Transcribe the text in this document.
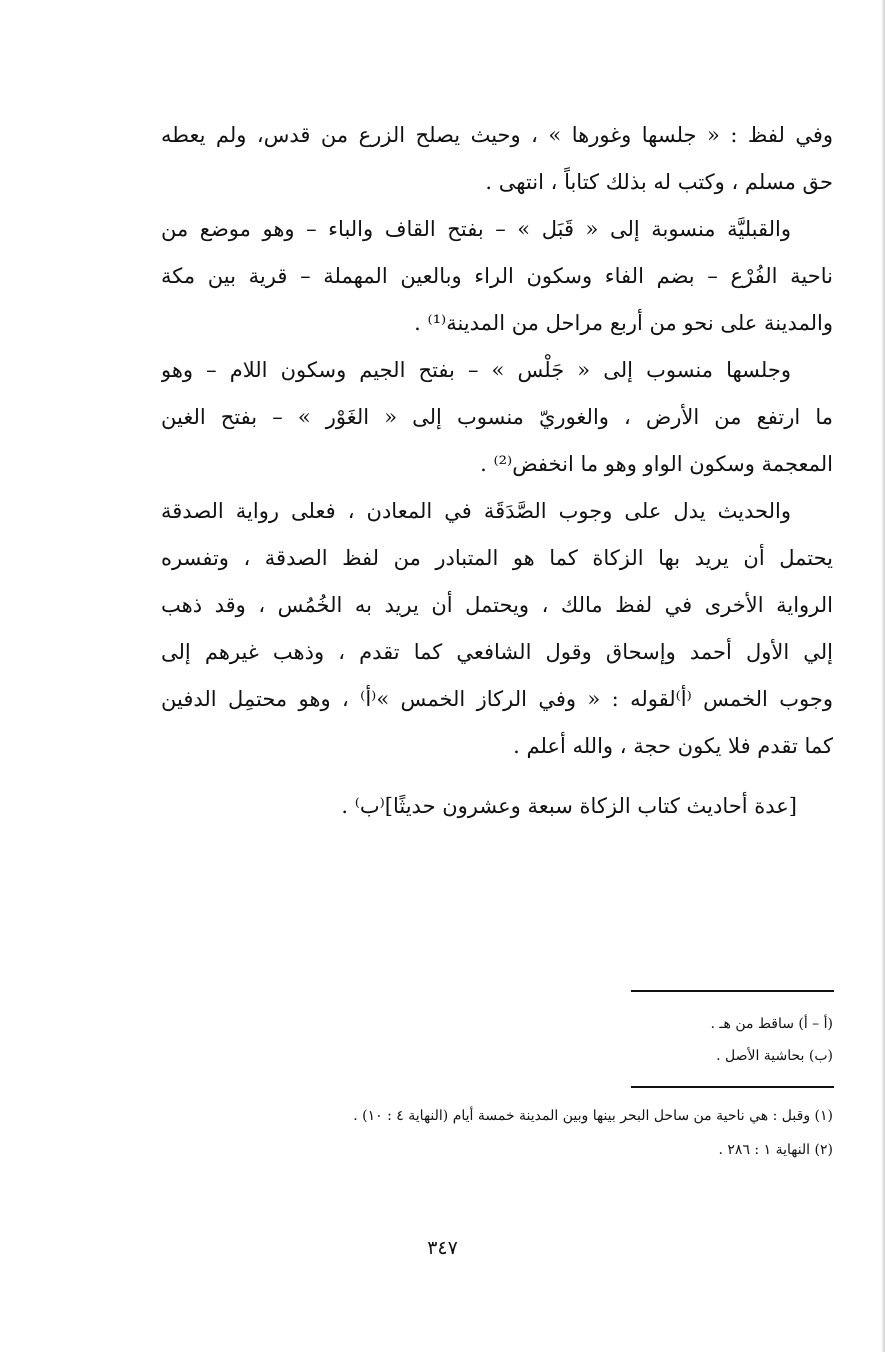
وفي لفظ : « جلسها وغورها » ، وحيث يصلح الزرع من قدس، ولم يعطه
حق مسلم ، وكتب له بذلك كتاباً ، انتهى .
والقبليَّة منسوبة إلى « قَبَل » – بفتح القاف والباء – وهو موضع من
ناحية الفُرْع – بضم الفاء وسكون الراء وبالعين المهملة – قرية بين مكة
والمدينة على نحو من أربع مراحل من المدينة⁽¹⁾ .
وجلسها منسوب إلى « جَلْس » – بفتح الجيم وسكون اللام – وهو
ما ارتفع من الأرض ، والغوريّ منسوب إلى « الغَوْر » – بفتح الغين
المعجمة وسكون الواو وهو ما انخفض⁽²⁾ .
والحديث يدل على وجوب الصَّدَقَة في المعادن ، فعلى رواية الصدقة
يحتمل أن يريد بها الزكاة كما هو المتبادر من لفظ الصدقة ، وتفسره
الرواية الأخرى في لفظ مالك ، ويحتمل أن يريد به الخُمُس ، وقد ذهب
إلي الأول أحمد وإسحاق وقول الشافعي كما تقدم ، وذهب غيرهم إلى
وجوب الخمس ⁽أ⁾لقوله : « وفي الركاز الخمس »⁽أ⁾ ، وهو محتمِل الدفين
كما تقدم فلا يكون حجة ، والله أعلم .
[عدة أحاديث كتاب الزكاة سبعة وعشرون حديثًا]⁽ب⁾ .
(أ – أ) ساقط من هـ .
(ب) بحاشية الأصل .
(١) وقبل : هي ناحية من ساحل البحر بينها وبين المدينة خمسة أيام (النهاية ٤ : ١٠) .
(٢) النهاية ١ : ٢٨٦ .
٣٤٧
